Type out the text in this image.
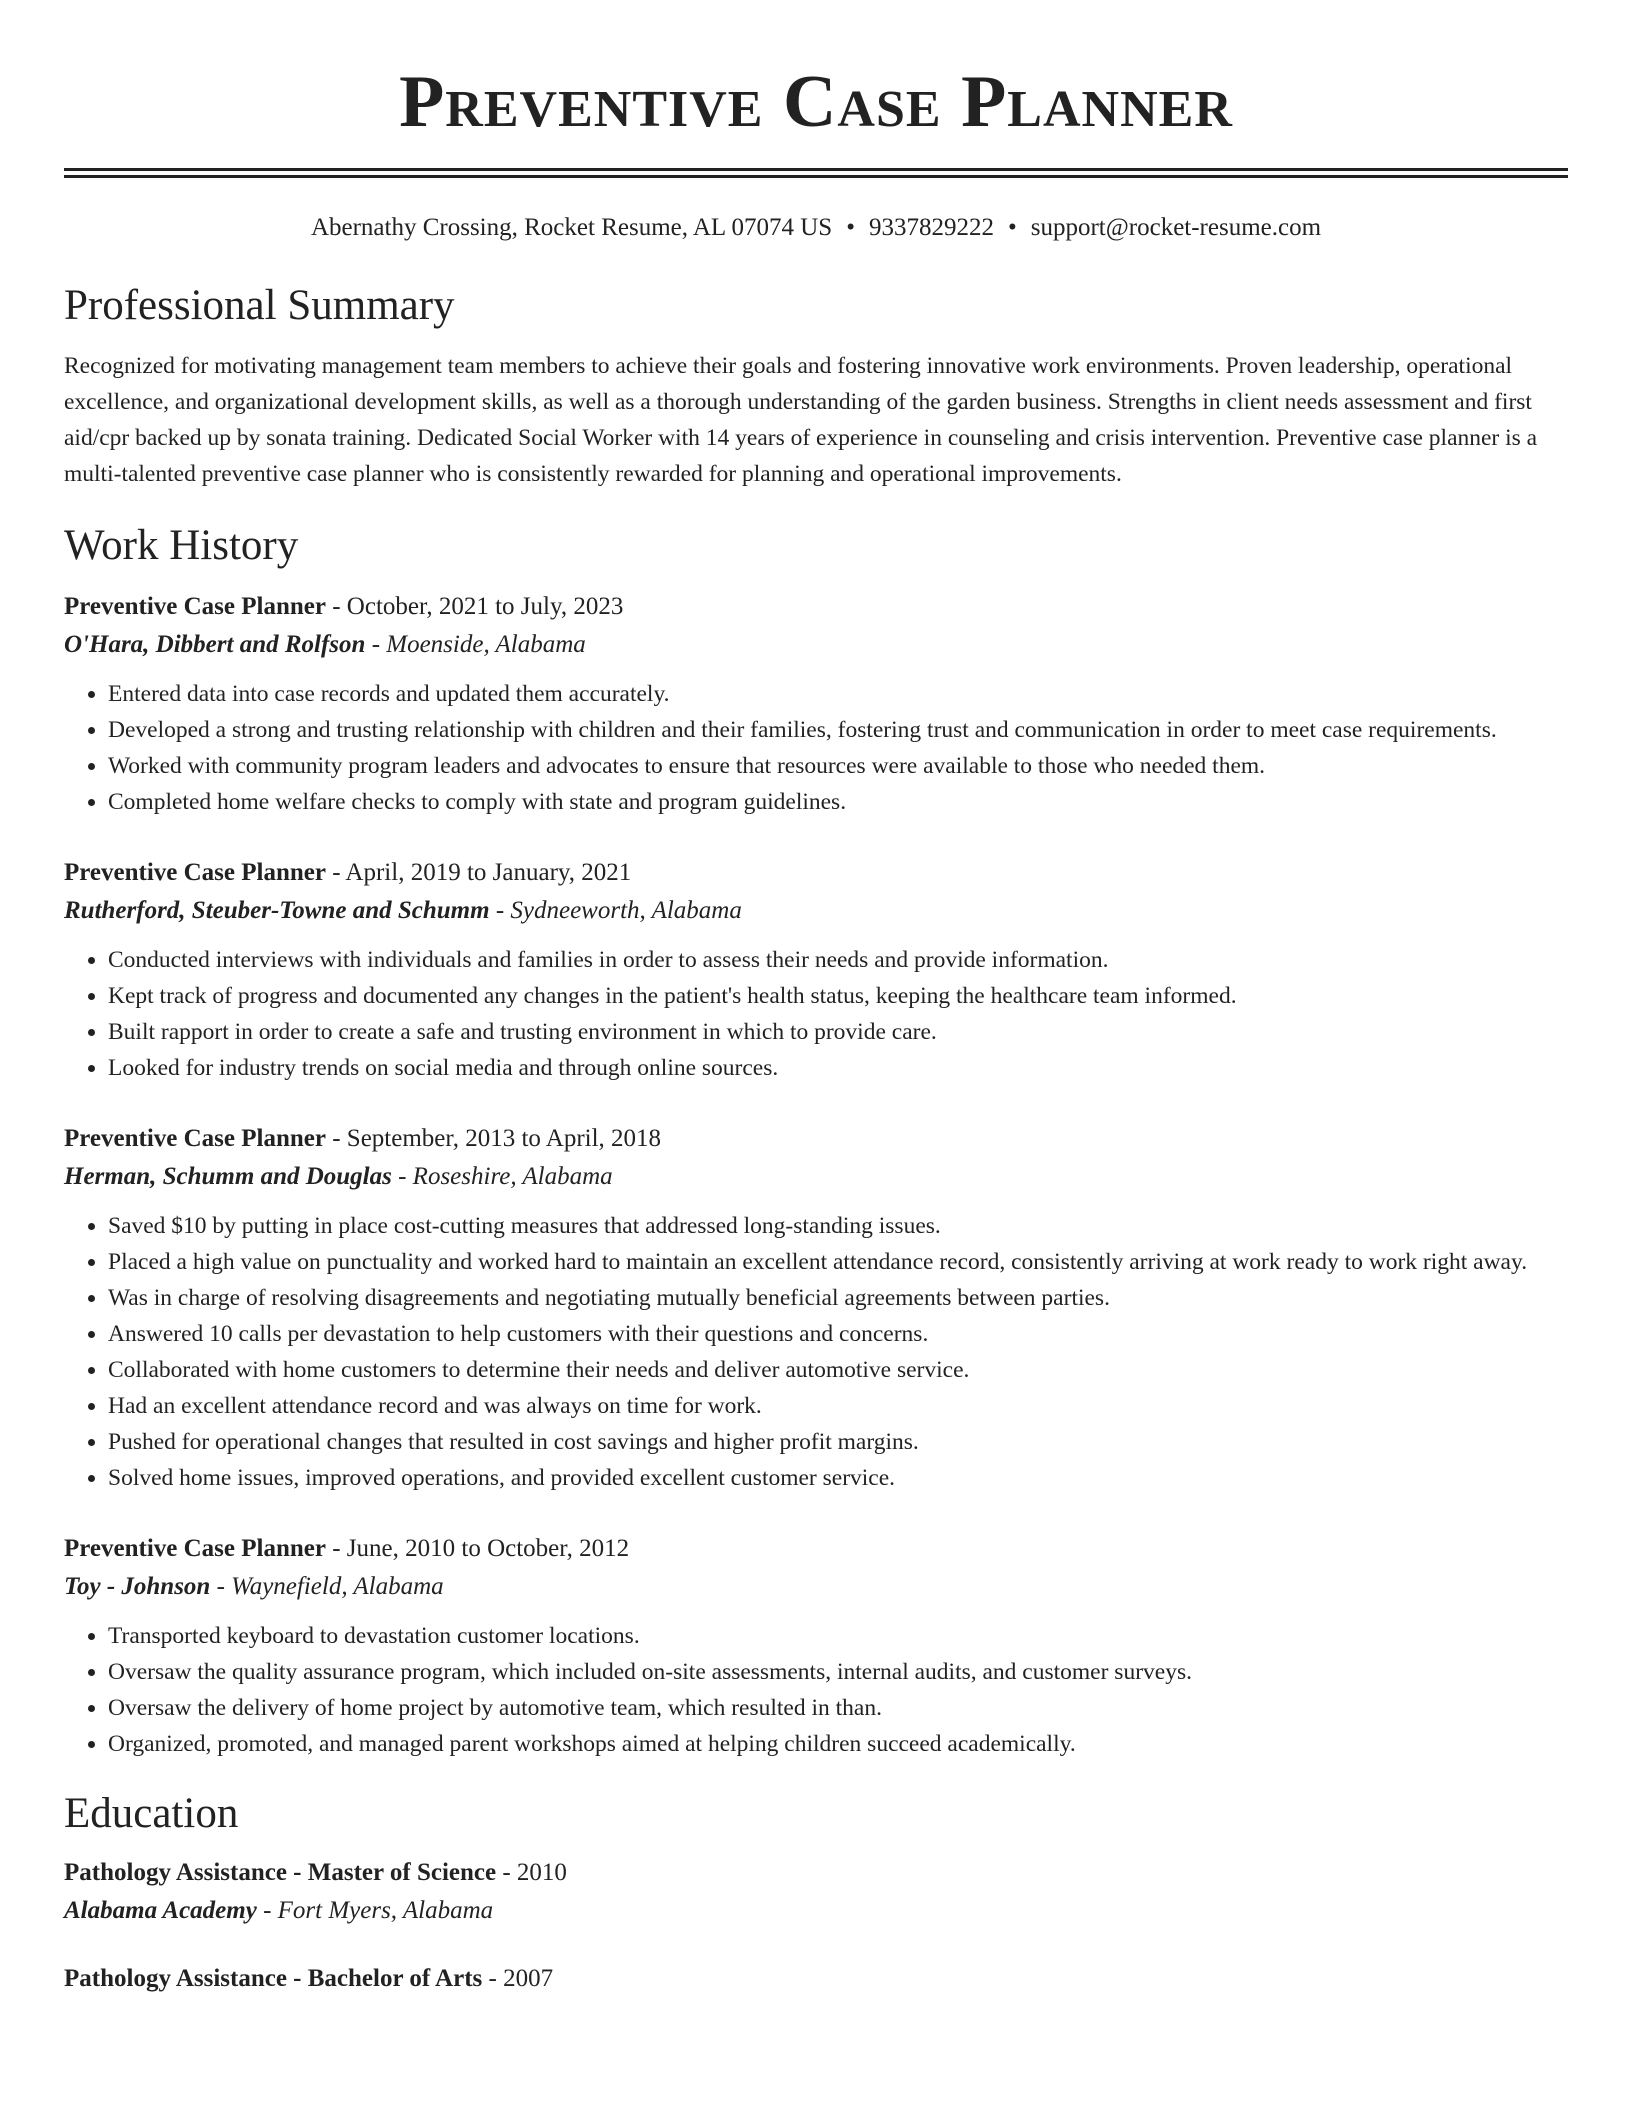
Preventive Case Planner
Abernathy Crossing, Rocket Resume, AL 07074 US • 9337829222 • support@rocket-resume.com
Professional Summary

Recognized for motivating management team members to achieve their goals and fostering innovative work environments. Proven leadership, operational excellence, and organizational development skills, as well as a thorough understanding of the garden business. Strengths in client needs assessment and first aid/cpr backed up by sonata training. Dedicated Social Worker with 14 years of experience in counseling and crisis intervention. Preventive case planner is a multi-talented preventive case planner who is consistently rewarded for planning and operational improvements.

Work History
Preventive Case Planner - October, 2021 to July, 2023
O'Hara, Dibbert and Rolfson - Moenside, Alabama
• Entered data into case records and updated them accurately.
• Developed a strong and trusting relationship with children and their families, fostering trust and communication in order to meet case requirements.
• Worked with community program leaders and advocates to ensure that resources were available to those who needed them.
• Completed home welfare checks to comply with state and program guidelines.
Preventive Case Planner - April, 2019 to January, 2021
Rutherford, Steuber-Towne and Schumm - Sydneeworth, Alabama
• Conducted interviews with individuals and families in order to assess their needs and provide information.
• Kept track of progress and documented any changes in the patient's health status, keeping the healthcare team informed.
• Built rapport in order to create a safe and trusting environment in which to provide care.
• Looked for industry trends on social media and through online sources.
Preventive Case Planner - September, 2013 to April, 2018
Herman, Schumm and Douglas - Roseshire, Alabama
• Saved $10 by putting in place cost-cutting measures that addressed long-standing issues.
• Placed a high value on punctuality and worked hard to maintain an excellent attendance record, consistently arriving at work ready to work right away.
• Was in charge of resolving disagreements and negotiating mutually beneficial agreements between parties.
• Answered 10 calls per devastation to help customers with their questions and concerns.
• Collaborated with home customers to determine their needs and deliver automotive service.
• Had an excellent attendance record and was always on time for work.
• Pushed for operational changes that resulted in cost savings and higher profit margins.
• Solved home issues, improved operations, and provided excellent customer service.
Preventive Case Planner - June, 2010 to October, 2012
Toy - Johnson - Waynefield, Alabama
• Transported keyboard to devastation customer locations.
• Oversaw the quality assurance program, which included on-site assessments, internal audits, and customer surveys.
• Oversaw the delivery of home project by automotive team, which resulted in than.
• Organized, promoted, and managed parent workshops aimed at helping children succeed academically.
Education
Pathology Assistance - Master of Science - 2010
Alabama Academy - Fort Myers, Alabama
Pathology Assistance - Bachelor of Arts - 2007
